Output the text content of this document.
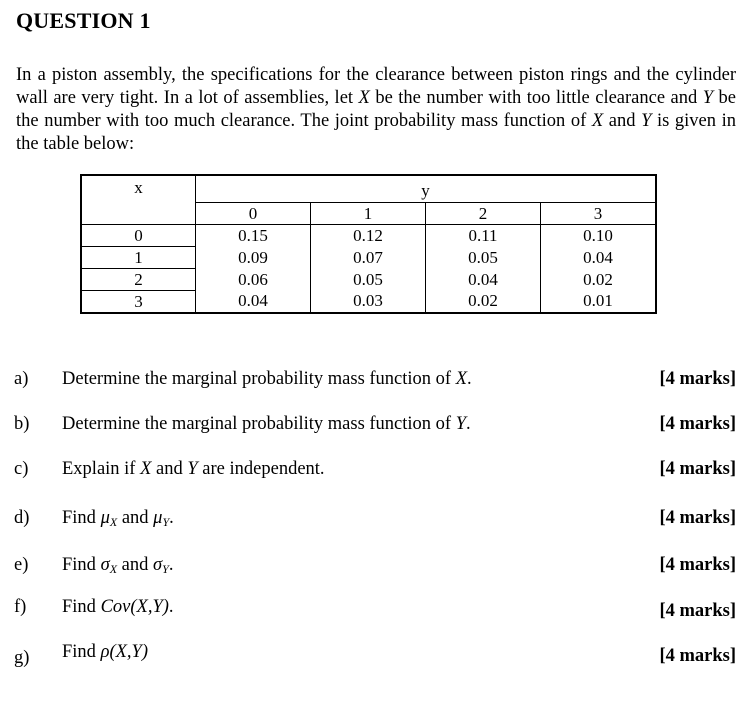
QUESTION 1
In a piston assembly, the specifications for the clearance between piston rings and the cylinder wall are very tight. In a lot of assemblies, let X be the number with too little clearance and Y be the number with too much clearance. The joint probability mass function of X and Y is given in the table below:
x	y			
	0	1	2	3
0	0.15	0.12	0.11	0.10
1	0.09	0.07	0.05	0.04
2	0.06	0.05	0.04	0.02
3	0.04	0.03	0.02	0.01
a) Determine the marginal probability mass function of X.	[4 marks]
b) Determine the marginal probability mass function of Y.	[4 marks]
c) Explain if X and Y are independent.	[4 marks]
d) Find $\mu_X$ and $\mu_Y$.	[4 marks]
e) Find $\sigma_X$ and $\sigma_Y$.	[4 marks]
f) Find Cov(X,Y).	[4 marks]
g) Find ρ(X,Y)	[4 marks]
